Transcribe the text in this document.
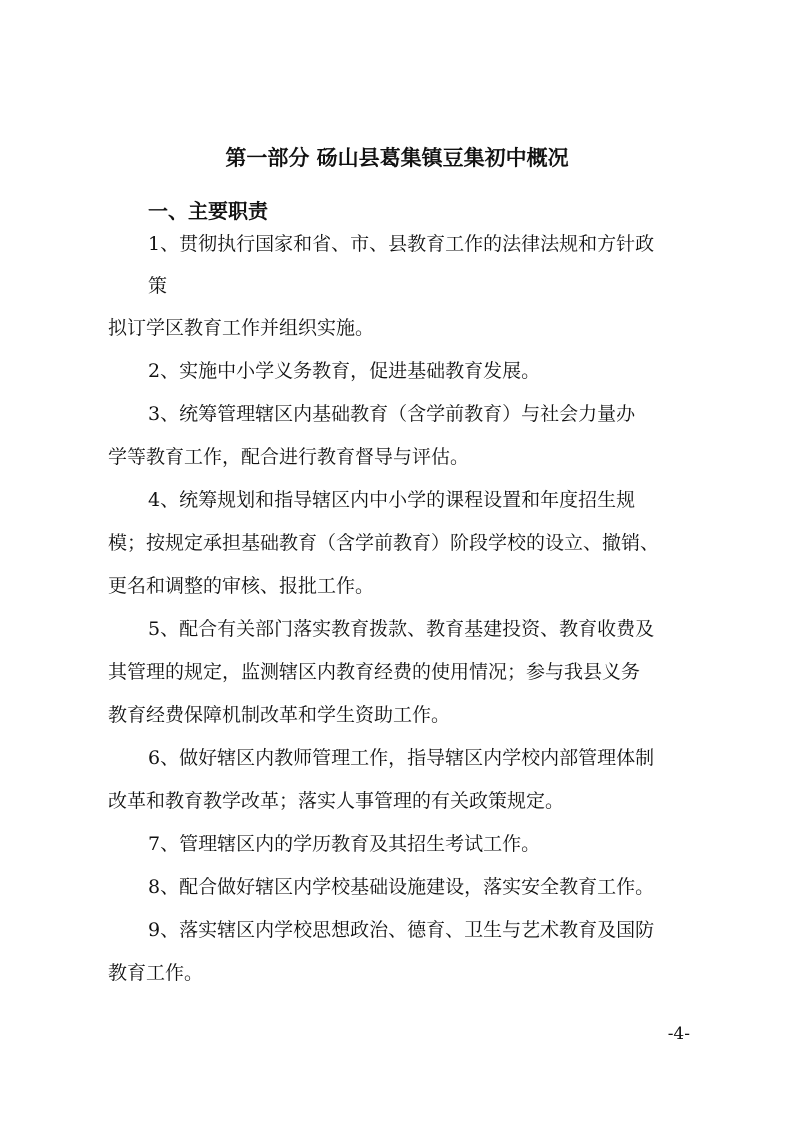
第一部分 砀山县葛集镇豆集初中概况
一、主要职责

1、贯彻执行国家和省、市、县教育工作的法律法规和方针政

策

拟订学区教育工作并组织实施。

2、实施中小学义务教育，促进基础教育发展。

3、统筹管理辖区内基础教育（含学前教育）与社会力量办

学等教育工作，配合进行教育督导与评估。

4、统筹规划和指导辖区内中小学的课程设置和年度招生规

模；按规定承担基础教育（含学前教育）阶段学校的设立、撤销、

更名和调整的审核、报批工作。

5、配合有关部门落实教育拨款、教育基建投资、教育收费及

其管理的规定，监测辖区内教育经费的使用情况；参与我县义务

教育经费保障机制改革和学生资助工作。

6、做好辖区内教师管理工作，指导辖区内学校内部管理体制

改革和教育教学改革；落实人事管理的有关政策规定。

7、管理辖区内的学历教育及其招生考试工作。

8、配合做好辖区内学校基础设施建设，落实安全教育工作。

9、落实辖区内学校思想政治、德育、卫生与艺术教育及国防

教育工作。

-4-
